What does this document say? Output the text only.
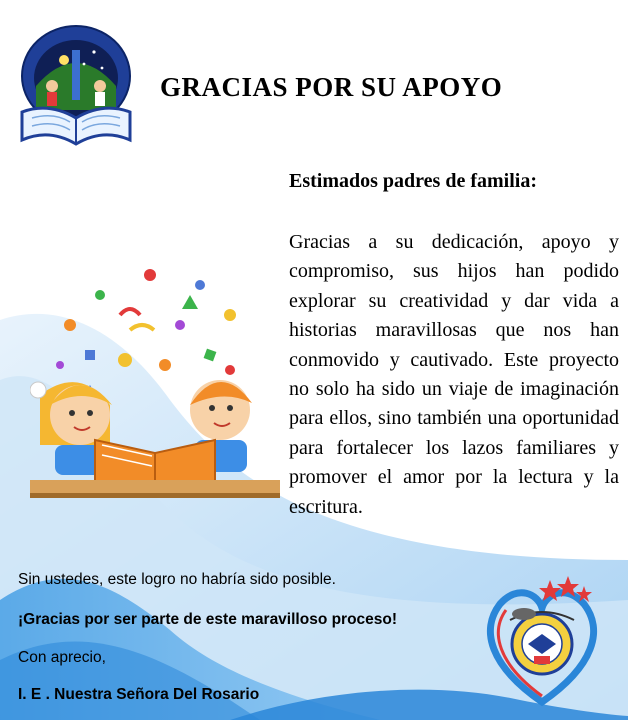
GRACIAS POR SU APOYO
Estimados padres de familia:
Gracias a su dedicación, apoyo y compromiso, sus hijos han podido explorar su creatividad y dar vida a historias maravillosas que nos han conmovido y cautivado. Este proyecto no solo ha sido un viaje de imaginación para ellos, sino también una oportunidad para fortalecer los lazos familiares y promover el amor por la lectura y la escritura.
Sin ustedes, este logro no habría sido posible.
¡Gracias por ser parte de este maravilloso proceso!
Con aprecio,
I. E . Nuestra Señora Del Rosario
